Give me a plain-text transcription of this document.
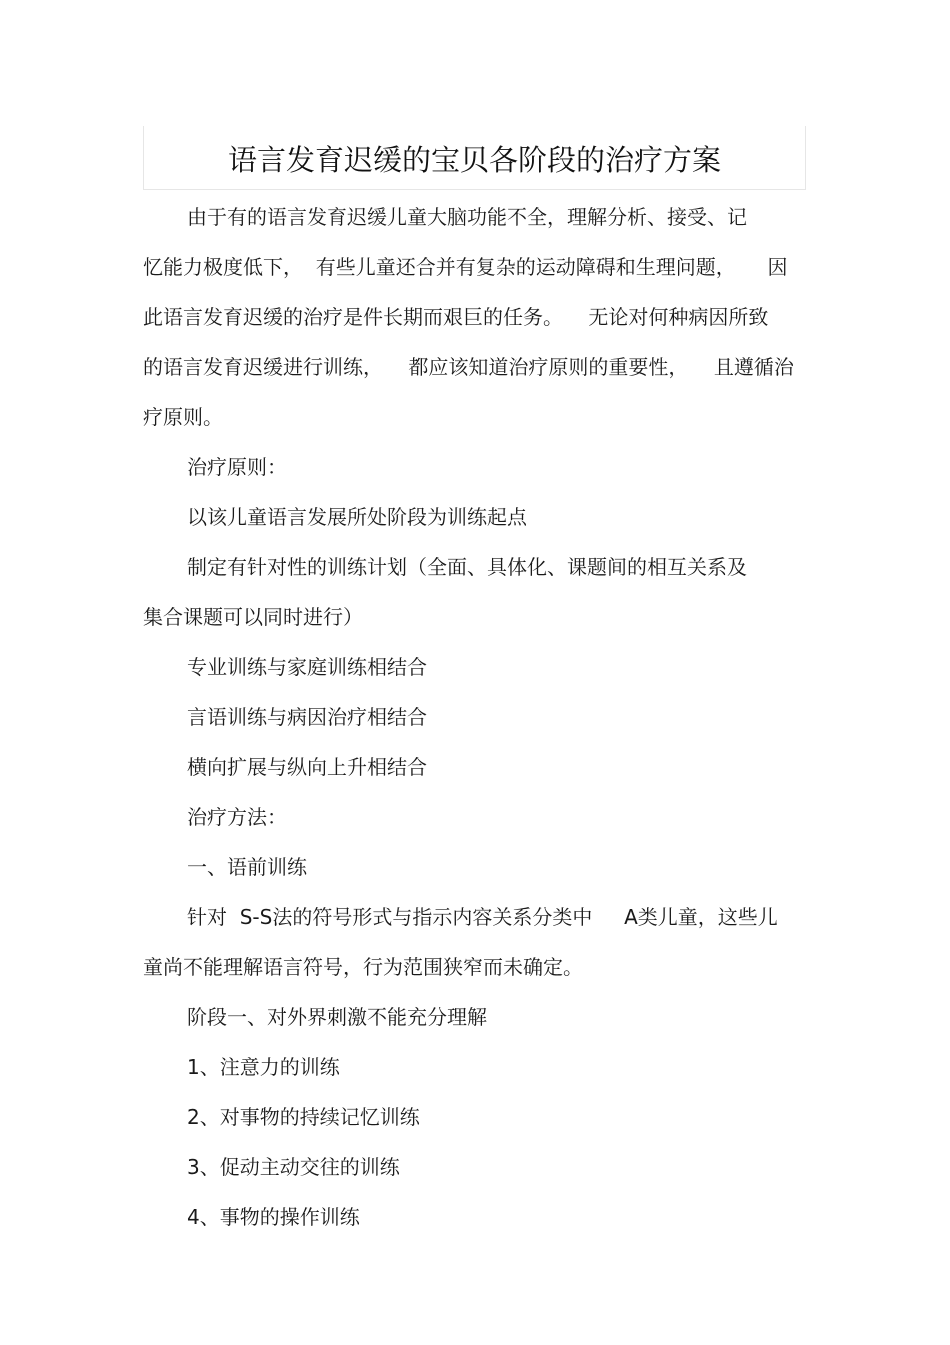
语言发育迟缓的宝贝各阶段的治疗方案
由于有的语言发育迟缓儿童大脑功能不全，理解分析、接受、记
忆能力极度低下，  有些儿童还合并有复杂的运动障碍和生理问题，     因
此语言发育迟缓的治疗是件长期而艰巨的任务。    无论对何种病因所致
的语言发育迟缓进行训练，    都应该知道治疗原则的重要性，    且遵循治
疗原则。
治疗原则：
以该儿童语言发展所处阶段为训练起点
制定有针对性的训练计划（全面、具体化、课题间的相互关系及
集合课题可以同时进行）
专业训练与家庭训练相结合
言语训练与病因治疗相结合
横向扩展与纵向上升相结合
治疗方法：
一、语前训练
针对  S-S法的符号形式与指示内容关系分类中     A类儿童，这些儿
童尚不能理解语言符号，行为范围狭窄而未确定。
阶段一、对外界刺激不能充分理解
1、注意力的训练
2、对事物的持续记忆训练
3、促动主动交往的训练
4、事物的操作训练
